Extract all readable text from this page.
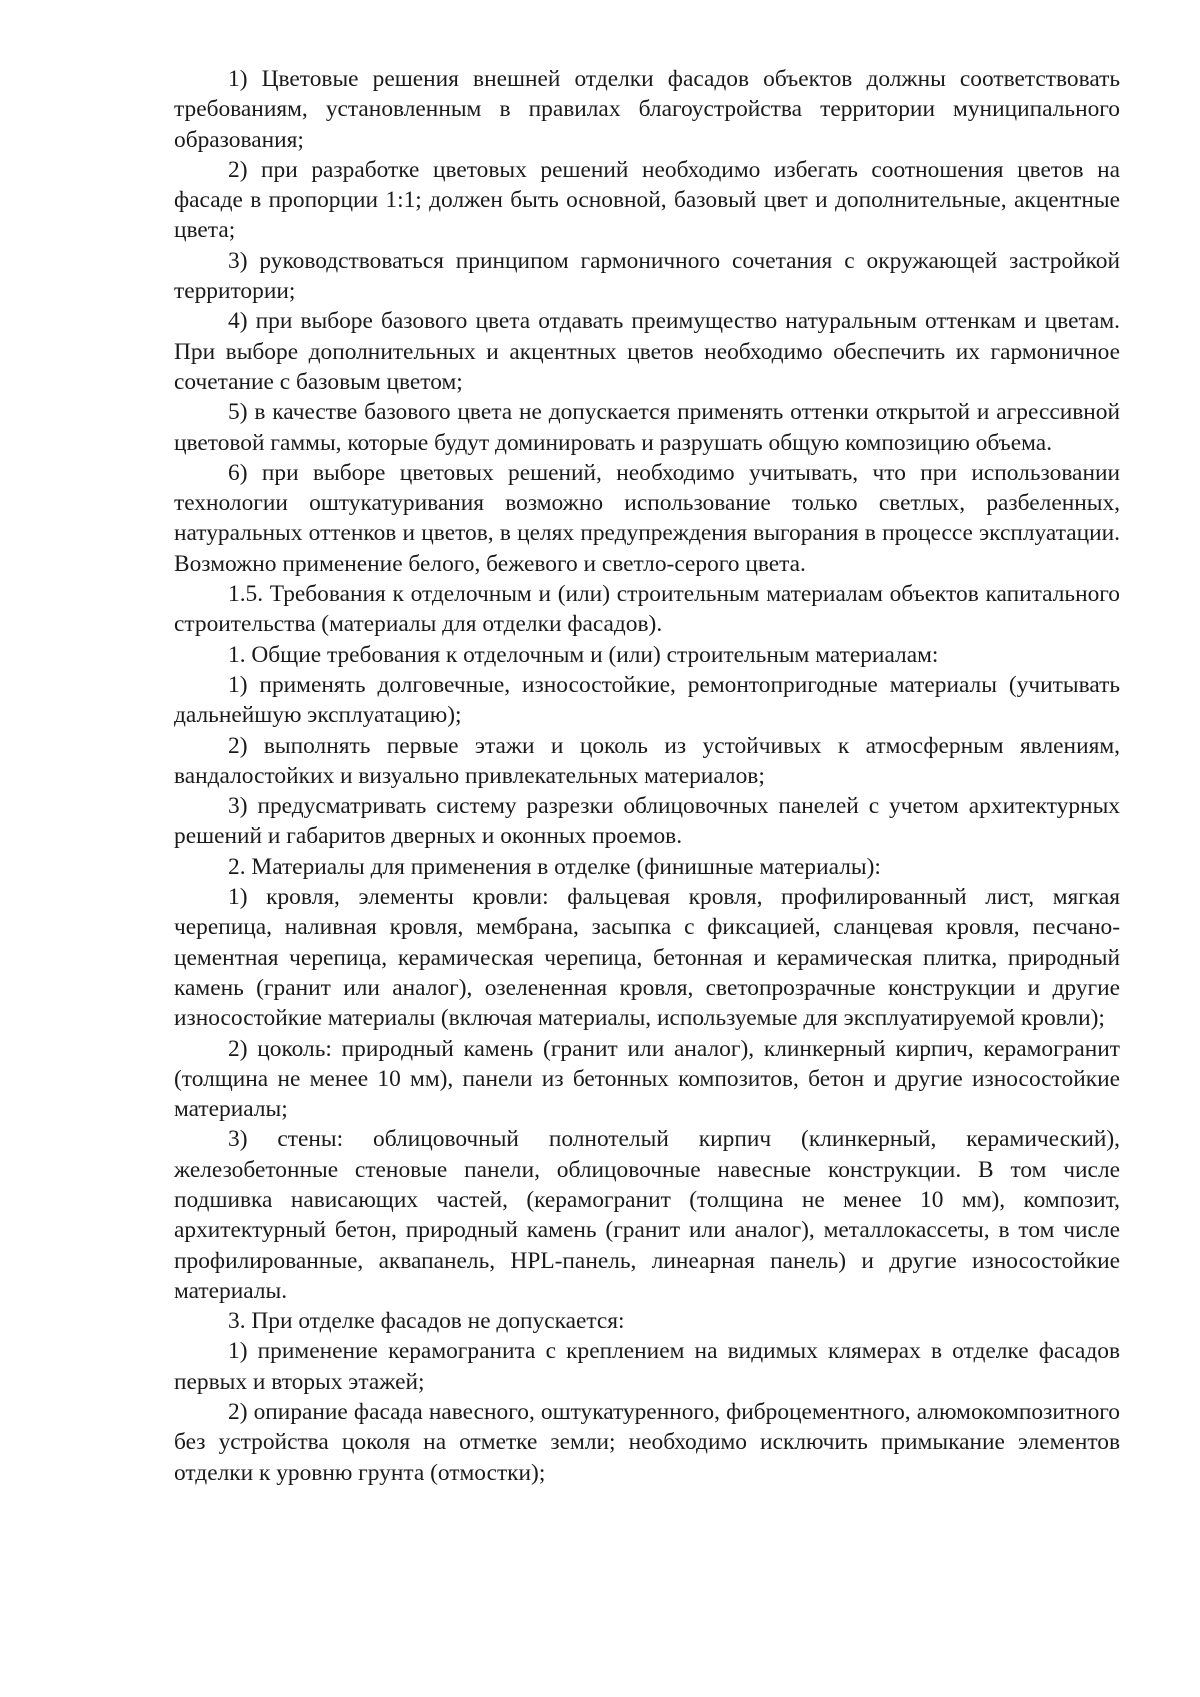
1) Цветовые решения внешней отделки фасадов объектов должны соответствовать требованиям, установленным в правилах благоустройства территории муниципального образования;

2) при разработке цветовых решений необходимо избегать соотношения цветов на фасаде в пропорции 1:1; должен быть основной, базовый цвет и дополнительные, акцентные цвета;

3) руководствоваться принципом гармоничного сочетания с окружающей застройкой территории;

4) при выборе базового цвета отдавать преимущество натуральным оттенкам и цветам. При выборе дополнительных и акцентных цветов необходимо обеспечить их гармоничное сочетание с базовым цветом;

5) в качестве базового цвета не допускается применять оттенки открытой и агрессивной цветовой гаммы, которые будут доминировать и разрушать общую композицию объема.

6) при выборе цветовых решений, необходимо учитывать, что при использовании технологии оштукатуривания возможно использование только светлых, разбеленных, натуральных оттенков и цветов, в целях предупреждения выгорания в процессе эксплуатации. Возможно применение белого, бежевого и светло-серого цвета.

1.5. Требования к отделочным и (или) строительным материалам объектов капитального строительства (материалы для отделки фасадов).

1. Общие требования к отделочным и (или) строительным материалам:

1) применять долговечные, износостойкие, ремонтопригодные материалы (учитывать дальнейшую эксплуатацию);

2) выполнять первые этажи и цоколь из устойчивых к атмосферным явлениям, вандалостойких и визуально привлекательных материалов;

3) предусматривать систему разрезки облицовочных панелей с учетом архитектурных решений и габаритов дверных и оконных проемов.

2. Материалы для применения в отделке (финишные материалы):

1) кровля, элементы кровли: фальцевая кровля, профилированный лист, мягкая черепица, наливная кровля, мембрана, засыпка с фиксацией, сланцевая кровля, песчано-цементная черепица, керамическая черепица, бетонная и керамическая плитка, природный камень (гранит или аналог), озелененная кровля, светопрозрачные конструкции и другие износостойкие материалы (включая материалы, используемые для эксплуатируемой кровли);

2) цоколь: природный камень (гранит или аналог), клинкерный кирпич, керамогранит (толщина не менее 10 мм), панели из бетонных композитов, бетон и другие износостойкие материалы;

3) стены: облицовочный полнотелый кирпич (клинкерный, керамический), железобетонные стеновые панели, облицовочные навесные конструкции. В том числе подшивка нависающих частей, (керамогранит (толщина не менее 10 мм), композит, архитектурный бетон, природный камень (гранит или аналог), металлокассеты, в том числе профилированные, аквапанель, HPL-панель, линеарная панель) и другие износостойкие материалы.

3. При отделке фасадов не допускается:

1) применение керамогранита с креплением на видимых клямерах в отделке фасадов первых и вторых этажей;

2) опирание фасада навесного, оштукатуренного, фиброцементного, алюмокомпозитного без устройства цоколя на отметке земли; необходимо исключить примыкание элементов отделки к уровню грунта (отмостки);
